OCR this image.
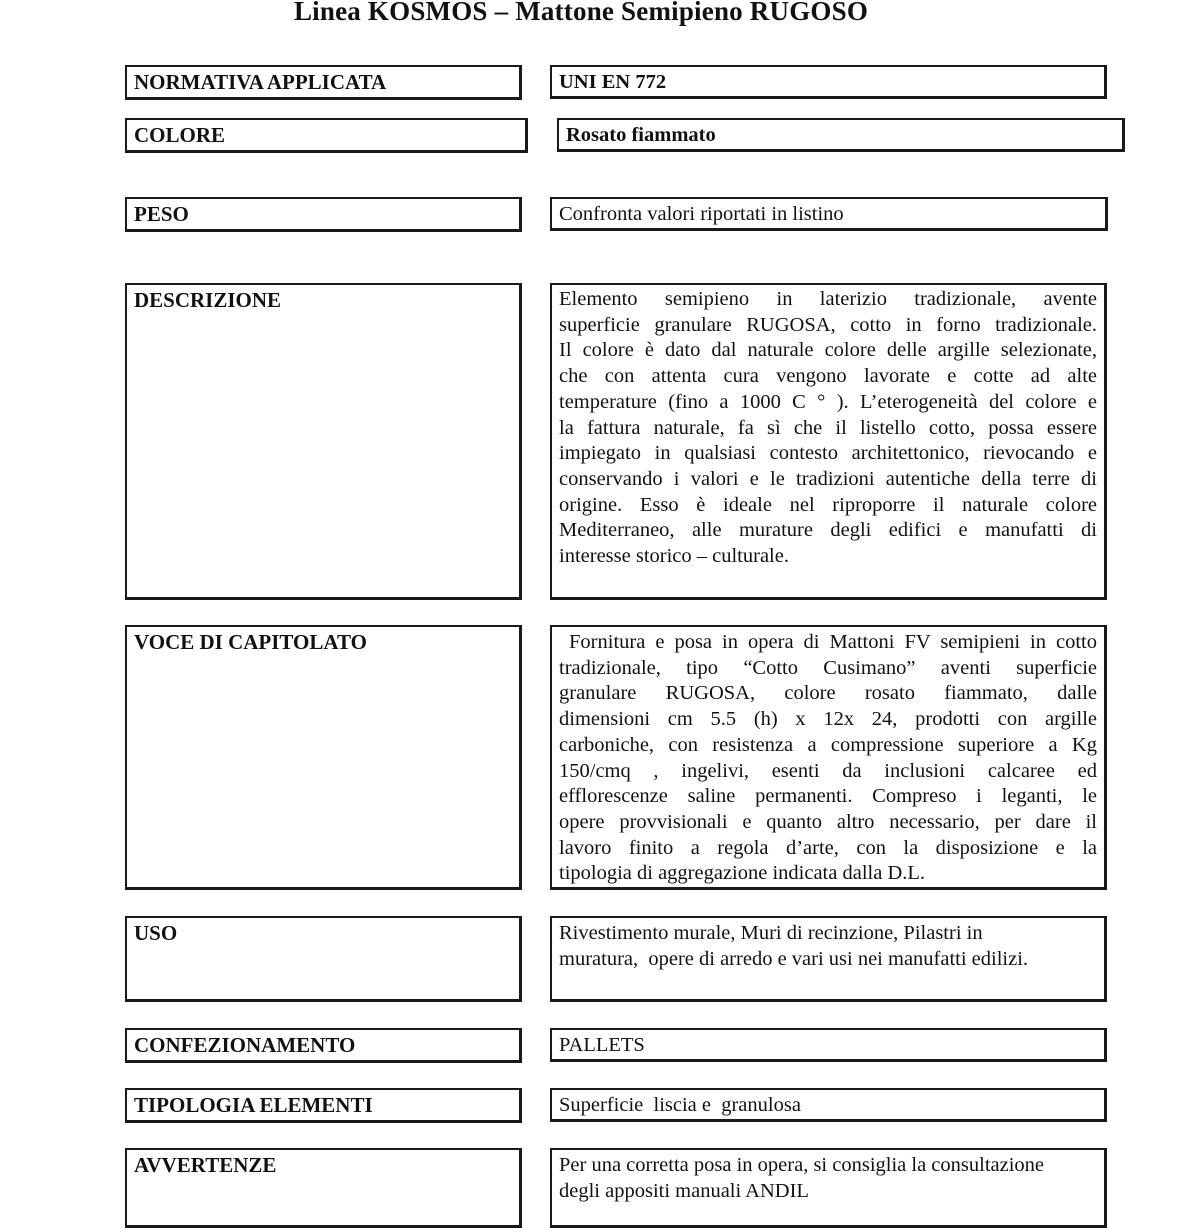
Linea KOSMOS – Mattone Semipieno RUGOSO
NORMATIVA APPLICATA	UNI EN 772
COLORE	Rosato fiammato
PESO	Confronta valori riportati in listino
DESCRIZIONE	Elemento semipieno in laterizio tradizionale, avente
superficie granulare RUGOSA, cotto in forno tradizionale.
Il colore è dato dal naturale colore delle argille selezionate,
che con attenta cura vengono lavorate e cotte ad alte
temperature (fino a 1000 C ° ). L’eterogeneità del colore e
la fattura naturale, fa sì che il listello cotto, possa essere
impiegato in qualsiasi contesto architettonico, rievocando e
conservando i valori e le tradizioni autentiche della terre di
origine. Esso è ideale nel riproporre il naturale colore
Mediterraneo, alle murature degli edifici e manufatti di
interesse storico – culturale.
VOCE DI CAPITOLATO	Fornitura e posa in opera di Mattoni FV semipieni in cotto
tradizionale, tipo “Cotto Cusimano” aventi superficie
granulare RUGOSA, colore rosato fiammato, dalle
dimensioni cm 5.5 (h) x 12x 24, prodotti con argille
carboniche, con resistenza a compressione superiore a Kg
150/cmq , ingelivi, esenti da inclusioni calcaree ed
efflorescenze saline permanenti. Compreso i leganti, le
opere provvisionali e quanto altro necessario, per dare il
lavoro finito a regola d’arte, con la disposizione e la
tipologia di aggregazione indicata dalla D.L.
USO	Rivestimento murale, Muri di recinzione, Pilastri in
muratura,  opere di arredo e vari usi nei manufatti edilizi.
CONFEZIONAMENTO	PALLETS
TIPOLOGIA ELEMENTI	Superficie  liscia e  granulosa
AVVERTENZE	Per una corretta posa in opera, si consiglia la consultazione
degli appositi manuali ANDIL
